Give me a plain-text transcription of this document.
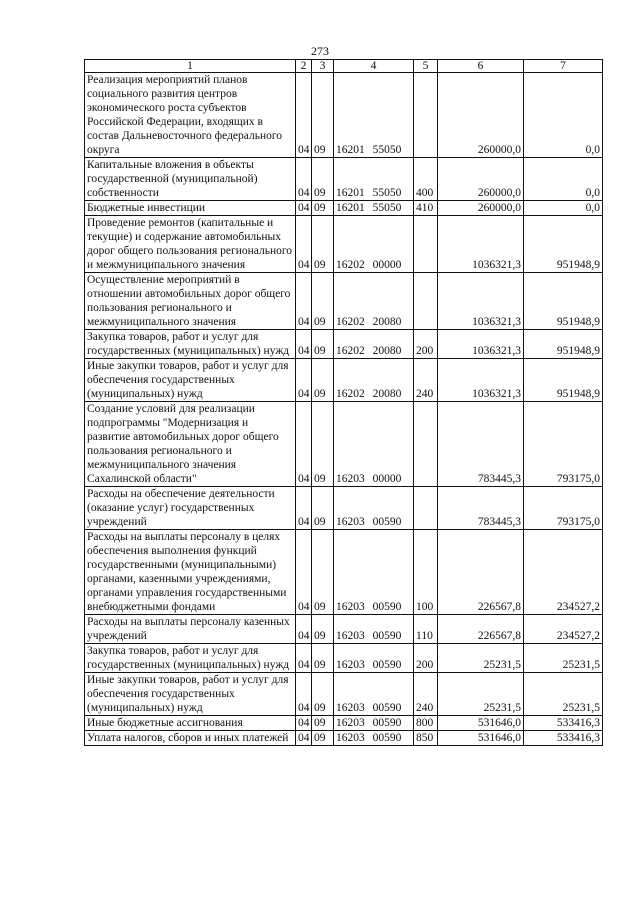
273
1	2	3	4	5	6	7
Реализация мероприятий планов социального развития центров экономического роста субъектов Российской Федерации, входящих в состав Дальневосточного федерального округа	04	09	16201 55050		260000,0	0,0
Капитальные вложения в объекты государственной (муниципальной) собственности	04	09	16201 55050	400	260000,0	0,0
Бюджетные инвестиции	04	09	16201 55050	410	260000,0	0,0
Проведение ремонтов (капитальные и текущие) и содержание автомобильных дорог общего пользования регионального и межмуниципального значения	04	09	16202 00000		1036321,3	951948,9
Осуществление мероприятий в отношении автомобильных дорог общего пользования регионального и межмуниципального значения	04	09	16202 20080		1036321,3	951948,9
Закупка товаров, работ и услуг для государственных (муниципальных) нужд	04	09	16202 20080	200	1036321,3	951948,9
Иные закупки товаров, работ и услуг для обеспечения государственных (муниципальных) нужд	04	09	16202 20080	240	1036321,3	951948,9
Создание условий для реализации подпрограммы "Модернизация и развитие автомобильных дорог общего пользования регионального и межмуниципального значения Сахалинской области"	04	09	16203 00000		783445,3	793175,0
Расходы на обеспечение деятельности (оказание услуг) государственных учреждений	04	09	16203 00590		783445,3	793175,0
Расходы на выплаты персоналу в целях обеспечения выполнения функций государственными (муниципальными) органами, казенными учреждениями, органами управления государственными внебюджетными фондами	04	09	16203 00590	100	226567,8	234527,2
Расходы на выплаты персоналу казенных учреждений	04	09	16203 00590	110	226567,8	234527,2
Закупка товаров, работ и услуг для государственных (муниципальных) нужд	04	09	16203 00590	200	25231,5	25231,5
Иные закупки товаров, работ и услуг для обеспечения государственных (муниципальных) нужд	04	09	16203 00590	240	25231,5	25231,5
Иные бюджетные ассигнования	04	09	16203 00590	800	531646,0	533416,3
Уплата налогов, сборов и иных платежей	04	09	16203 00590	850	531646,0	533416,3
